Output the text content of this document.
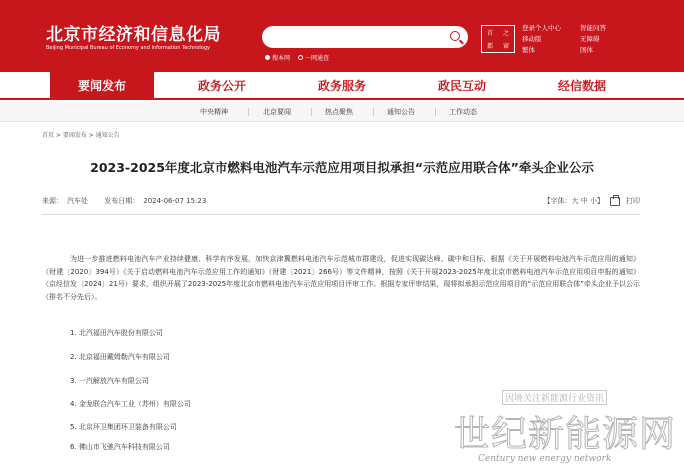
北京市经济和信息化局
Beijing Municipal Bureau of Economy and Information Technology
搜本网	一网通查
首 之
都 窗
登录个人中心	智能问答
移动版	无障碍
繁体	国体
要闻发布	政务公开	政务服务	政民互动	经信数据
中央精神	北京要闻	热点聚焦	通知公告	工作动态
首页 > 要闻发布 > 通知公告
2023-2025年度北京市燃料电池汽车示范应用项目拟承担“示范应用联合体”牵头企业公示
来源： 汽车处 发布日期： 2024-06-07 15:23	【字体：大 中 小】	打印

为进一步推进燃料电池汽车产业持续健康、科学有序发展，加快京津冀燃料电池汽车示范城市群建设，促进实现碳达峰、碳中和目标，根据《关于开展燃料电池汽车示范应用的通知》（财建〔2020〕394号）《关于启动燃料电池汽车示范应用工作的通知》（财建〔2021〕266号）等文件精神，按照《关于开展2023-2025年度北京市燃料电池汽车示范应用项目申报的通知》（京经信发〔2024〕21号）要求，组织开展了2023-2025年度北京市燃料电池汽车示范应用项目评审工作。根据专家评审结果，现将拟承担示范应用项目的“示范应用联合体”牵头企业予以公示（排名不分先后）。

1. 北汽福田汽车股份有限公司
2. 北京福田戴姆勒汽车有限公司
3. 一汽解放汽车有限公司
4. 金龙联合汽车工业（苏州）有限公司
5. 北京环卫集团环卫装备有限公司
6. 佛山市飞驰汽车科技有限公司
因境关注新能源行业资讯
世纪新能源网
Century new energy network
